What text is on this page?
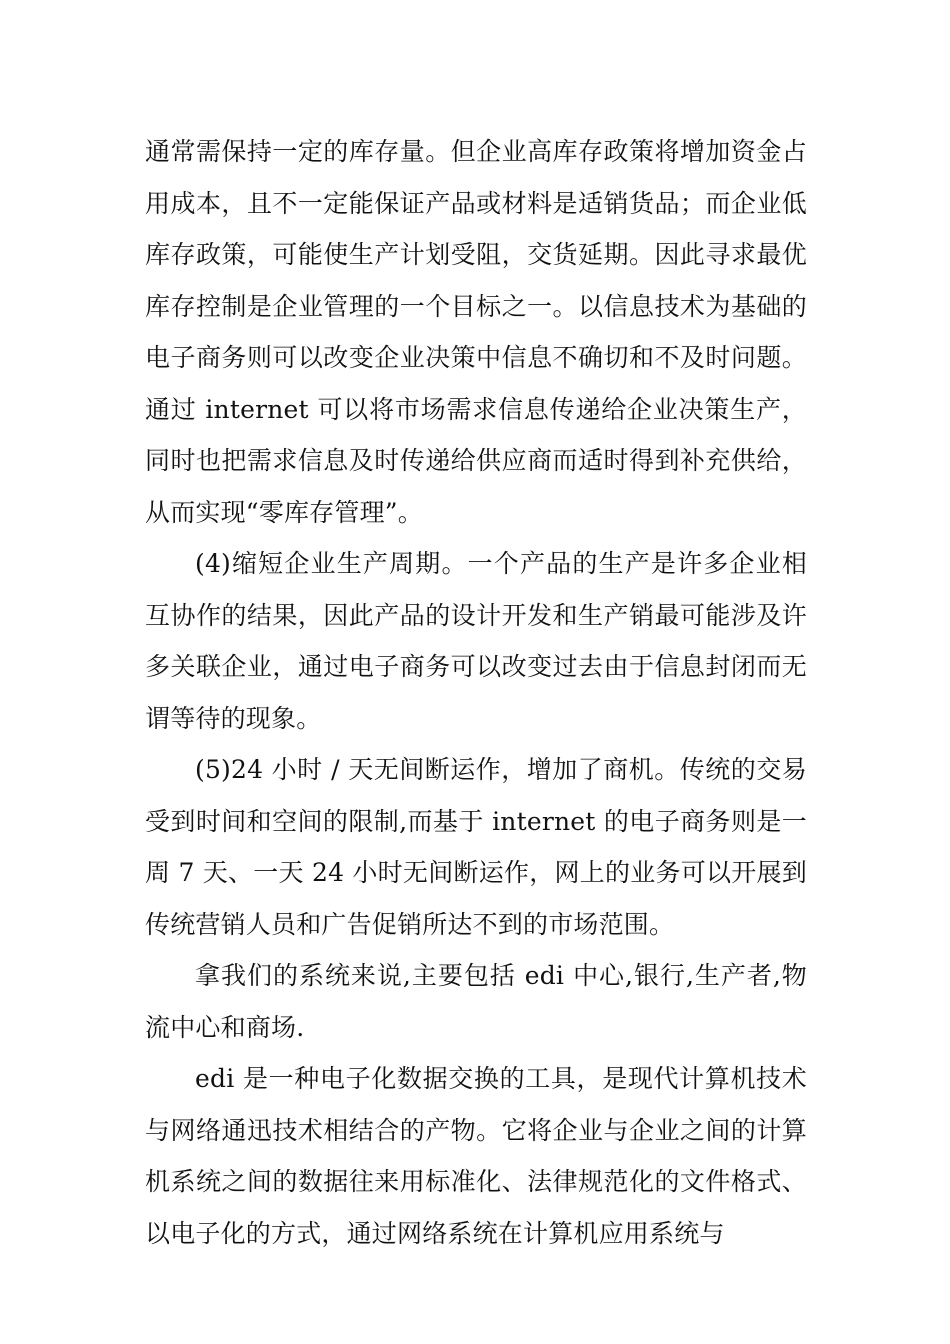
通常需保持一定的库存量。但企业高库存政策将增加资金占用成本，且不一定能保证产品或材料是适销货品；而企业低库存政策，可能使生产计划受阻，交货延期。因此寻求最优库存控制是企业管理的一个目标之一。以信息技术为基础的电子商务则可以改变企业决策中信息不确切和不及时问题。通过 internet 可以将市场需求信息传递给企业决策生产，同时也把需求信息及时传递给供应商而适时得到补充供给，从而实现“零库存管理”。

(4)缩短企业生产周期。一个产品的生产是许多企业相互协作的结果，因此产品的设计开发和生产销最可能涉及许多关联企业，通过电子商务可以改变过去由于信息封闭而无谓等待的现象。

(5)24 小时 / 天无间断运作，增加了商机。传统的交易受到时间和空间的限制,而基于 internet 的电子商务则是一周 7 天、一天 24 小时无间断运作，网上的业务可以开展到传统营销人员和广告促销所达不到的市场范围。

拿我们的系统来说,主要包括 edi 中心,银行,生产者,物流中心和商场.

edi 是一种电子化数据交换的工具，是现代计算机技术与网络通迅技术相结合的产物。它将企业与企业之间的计算机系统之间的数据往来用标准化、法律规范化的文件格式、以电子化的方式，通过网络系统在计算机应用系统与
